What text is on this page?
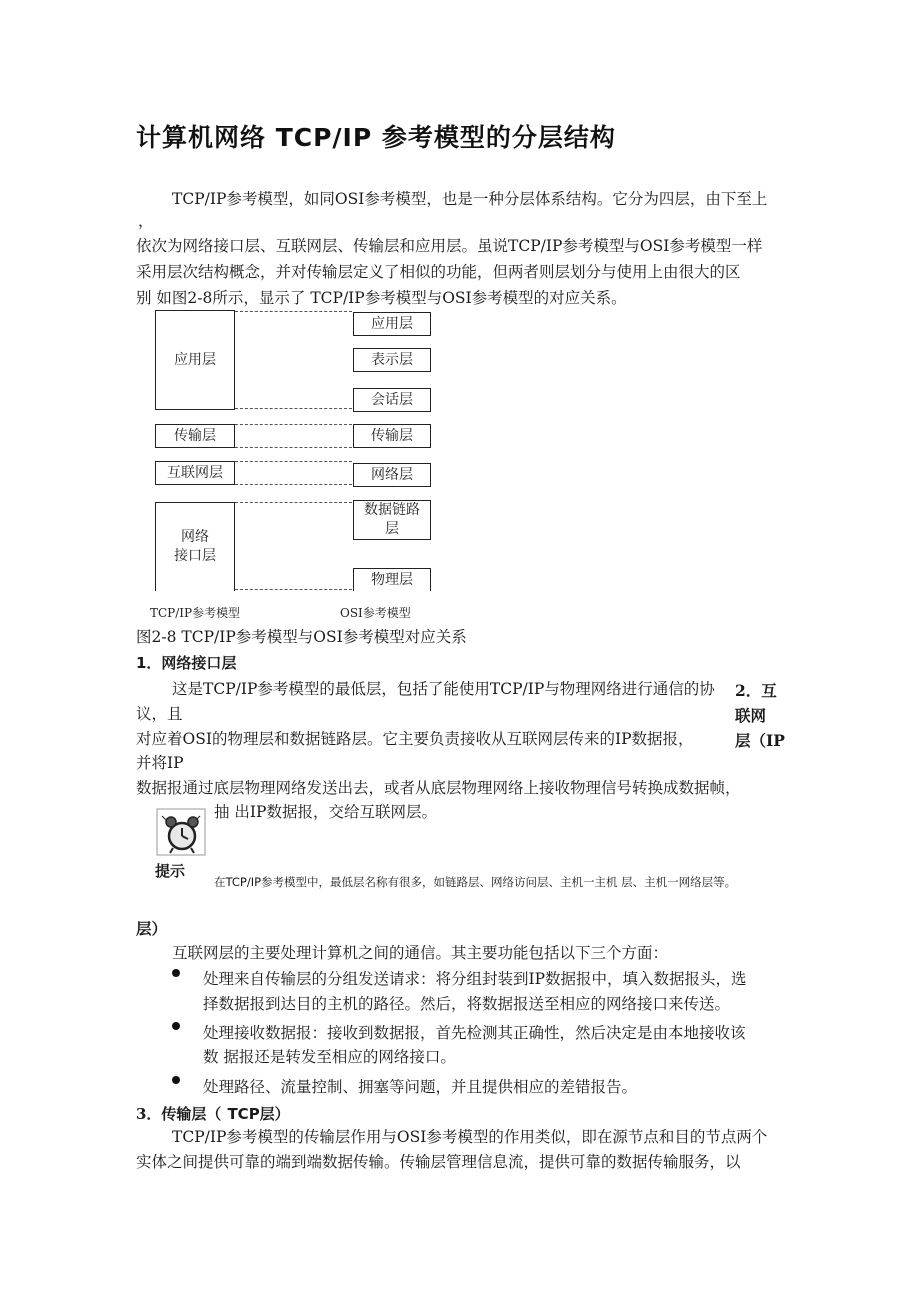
计算机网络 TCP/IP 参考模型的分层结构
TCP/IP参考模型，如同OSI参考模型，也是一种分层体系结构。它分为四层，由下至上
，
依次为网络接口层、互联网层、传输层和应用层。虽说TCP/IP参考模型与OSI参考模型一样
采用层次结构概念，并对传输层定义了相似的功能，但两者则层划分与使用上由很大的区
别 如图2-8所示，显示了 TCP/IP参考模型与OSI参考模型的对应关系。
应用层
传输层
互联网层
网络
接口层
应用层
表示层
会话层
传输层
网络层
数据链路
层
物理层
TCP/IP参考模型	OSI参考模型
图2-8 TCP/IP参考模型与OSI参考模型对应关系
1．网络接口层
这是TCP/IP参考模型的最低层，包括了能使用TCP/IP与物理网络进行通信的协
议，且
对应着OSI的物理层和数据链路层。它主要负责接收从互联网层传来的IP数据报，
并将IP
数据报通过底层物理网络发送出去，或者从底层物理网络上接收物理信号转换成数据帧，
抽 出IP数据报，交给互联网层。
2．互
联网
层（IP
层）
提示
在TCP/IP参考模型中，最低层名称有很多，如链路层、网络访问层、主机一主机 层、主机一网络层等。
互联网层的主要处理计算机之间的通信。其主要功能包括以下三个方面：
处理来自传输层的分组发送请求：将分组封装到IP数据报中，填入数据报头，选
择数据报到达目的主机的路径。然后，将数据报送至相应的网络接口来传送。
处理接收数据报：接收到数据报，首先检测其正确性，然后决定是由本地接收该
数 据报还是转发至相应的网络接口。
处理路径、流量控制、拥塞等问题，并且提供相应的差错报告。
3．传输层（ TCP层）
TCP/IP参考模型的传输层作用与OSI参考模型的作用类似，即在源节点和目的节点两个
实体之间提供可靠的端到端数据传输。传输层管理信息流，提供可靠的数据传输服务，以
